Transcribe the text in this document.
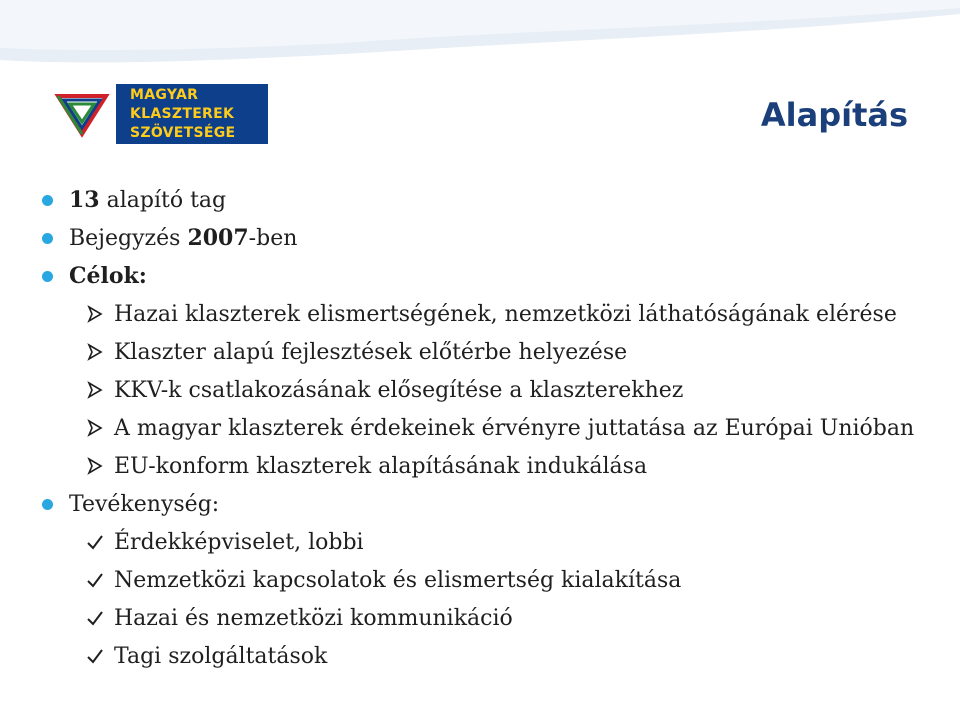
MAGYAR KLASZTEREK
SZÖVETSÉGE	Alapítás
13 alapító tag
Bejegyzés 2007-ben
Célok:
Hazai klaszterek elismertségének, nemzetközi láthatóságának elérése
Klaszter alapú fejlesztések előtérbe helyezése
KKV-k csatlakozásának elősegítése a klaszterekhez
A magyar klaszterek érdekeinek érvényre juttatása az Európai Unióban
EU-konform klaszterek alapításának indukálása
Tevékenység:
Érdekképviselet, lobbi
Nemzetközi kapcsolatok és elismertség kialakítása
Hazai és nemzetközi kommunikáció
Tagi szolgáltatások
